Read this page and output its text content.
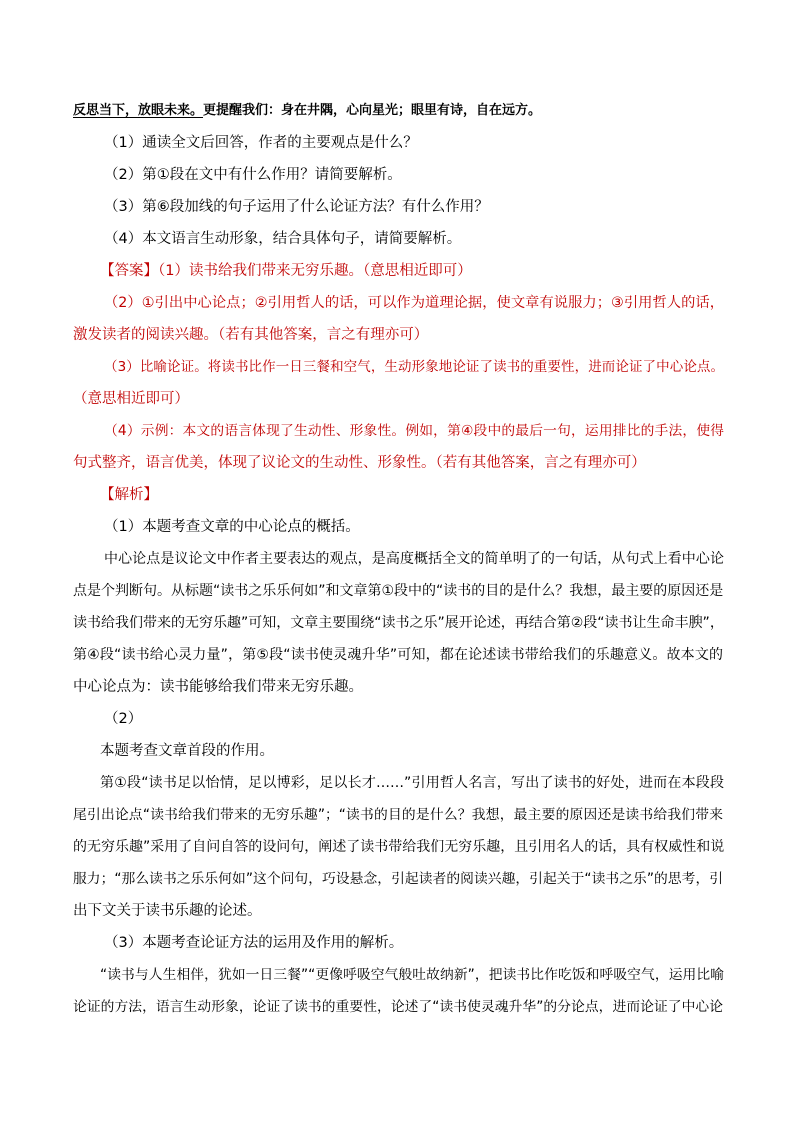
反思当下，放眼未来。更提醒我们：身在井隅，心向星光；眼里有诗，自在远方。
（1）通读全文后回答，作者的主要观点是什么？
（2）第①段在文中有什么作用？请简要解析。
（3）第⑥段加线的句子运用了什么论证方法？有什么作用？
（4）本文语言生动形象，结合具体句子，请简要解析。
【答案】（1）读书给我们带来无穷乐趣。（意思相近即可）
（2）①引出中心论点；②引用哲人的话，可以作为道理论据，使文章有说服力；③引用哲人的话，
激发读者的阅读兴趣。（若有其他答案，言之有理亦可）
（3）比喻论证。将读书比作一日三餐和空气，生动形象地论证了读书的重要性，进而论证了中心论点。
（意思相近即可）
（4）示例：本文的语言体现了生动性、形象性。例如，第④段中的最后一句，运用排比的手法，使得
句式整齐，语言优美，体现了议论文的生动性、形象性。（若有其他答案，言之有理亦可）
【解析】
（1）本题考查文章的中心论点的概括。
中心论点是议论文中作者主要表达的观点，是高度概括全文的简单明了的一句话，从句式上看中心论
点是个判断句。从标题“读书之乐乐何如”和文章第①段中的“读书的目的是什么？我想，最主要的原因还是
读书给我们带来的无穷乐趣”可知，文章主要围绕“读书之乐”展开论述，再结合第②段“读书让生命丰腴”，
第④段“读书给心灵力量”，第⑤段“读书使灵魂升华”可知，都在论述读书带给我们的乐趣意义。故本文的
中心论点为：读书能够给我们带来无穷乐趣。
（2）
本题考查文章首段的作用。
第①段“读书足以怡情，足以博彩，足以长才……”引用哲人名言，写出了读书的好处，进而在本段段
尾引出论点“读书给我们带来的无穷乐趣”；“读书的目的是什么？我想，最主要的原因还是读书给我们带来
的无穷乐趣”采用了自问自答的设问句，阐述了读书带给我们无穷乐趣，且引用名人的话，具有权威性和说
服力；“那么读书之乐乐何如”这个问句，巧设悬念，引起读者的阅读兴趣，引起关于“读书之乐”的思考，引
出下文关于读书乐趣的论述。
（3）本题考查论证方法的运用及作用的解析。
“读书与人生相伴，犹如一日三餐”“更像呼吸空气般吐故纳新”，把读书比作吃饭和呼吸空气，运用比喻
论证的方法，语言生动形象，论证了读书的重要性，论述了“读书使灵魂升华”的分论点，进而论证了中心论
